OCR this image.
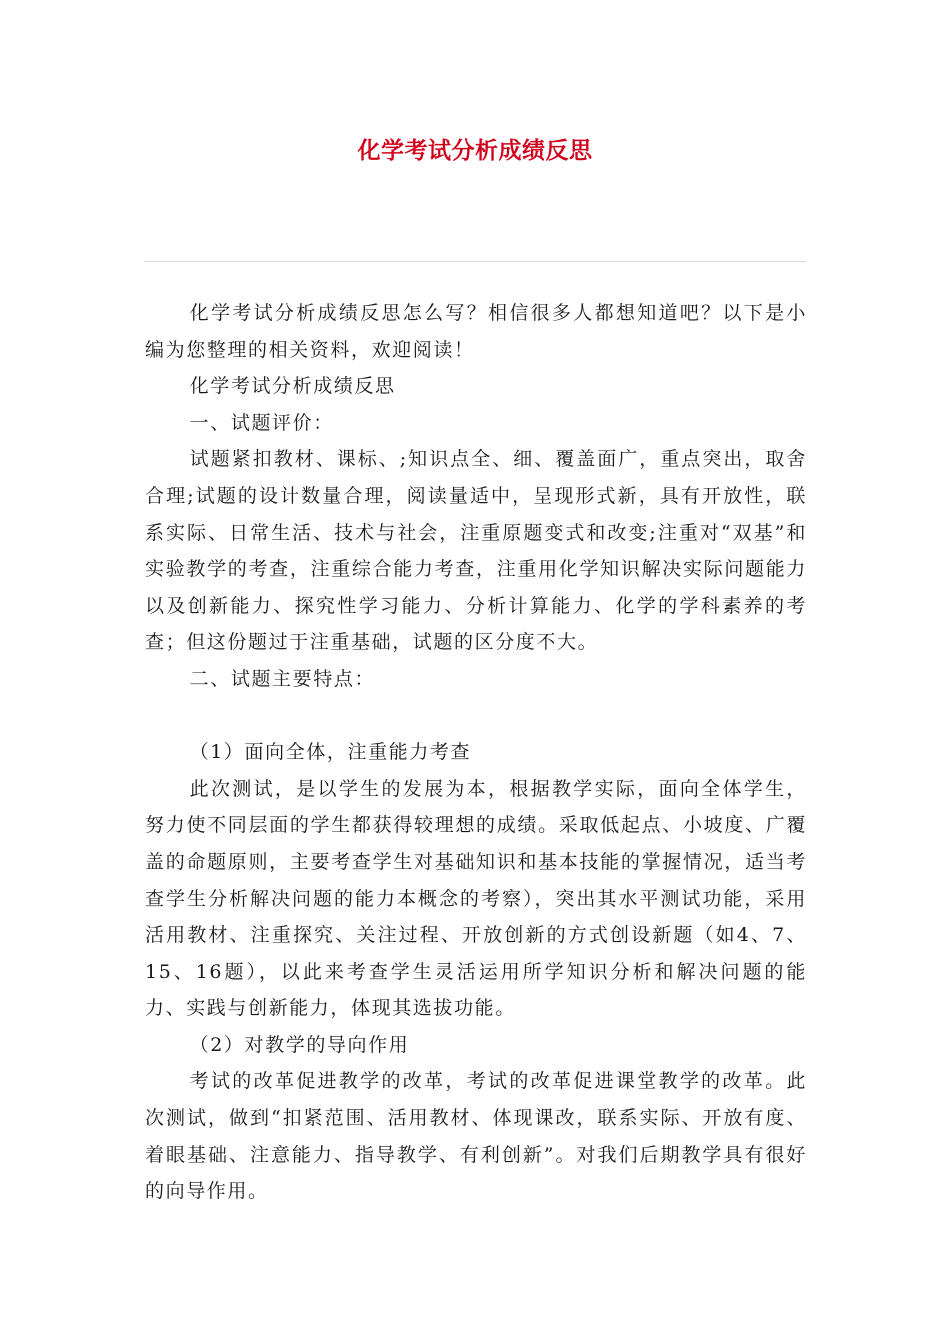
化学考试分析成绩反思

化学考试分析成绩反思怎么写？相信很多人都想知道吧？以下是小编为您整理的相关资料，欢迎阅读！

化学考试分析成绩反思

一、试题评价：

试题紧扣教材、课标、;知识点全、细、覆盖面广，重点突出，取舍合理;试题的设计数量合理，阅读量适中，呈现形式新，具有开放性，联系实际、日常生活、技术与社会，注重原题变式和改变;注重对“双基”和实验教学的考查，注重综合能力考查，注重用化学知识解决实际问题能力以及创新能力、探究性学习能力、分析计算能力、化学的学科素养的考查；但这份题过于注重基础，试题的区分度不大。

二、试题主要特点：

（1）面向全体，注重能力考查

此次测试，是以学生的发展为本，根据教学实际，面向全体学生，努力使不同层面的学生都获得较理想的成绩。采取低起点、小坡度、广覆盖的命题原则，主要考查学生对基础知识和基本技能的掌握情况，适当考查学生分析解决问题的能力本概念的考察），突出其水平测试功能，采用活用教材、注重探究、关注过程、开放创新的方式创设新题（如4、7、15、16题），以此来考查学生灵活运用所学知识分析和解决问题的能力、实践与创新能力，体现其选拔功能。

（2）对教学的导向作用

考试的改革促进教学的改革，考试的改革促进课堂教学的改革。此次测试，做到“扣紧范围、活用教材、体现课改，联系实际、开放有度、着眼基础、注意能力、指导教学、有利创新”。对我们后期教学具有很好的向导作用。
